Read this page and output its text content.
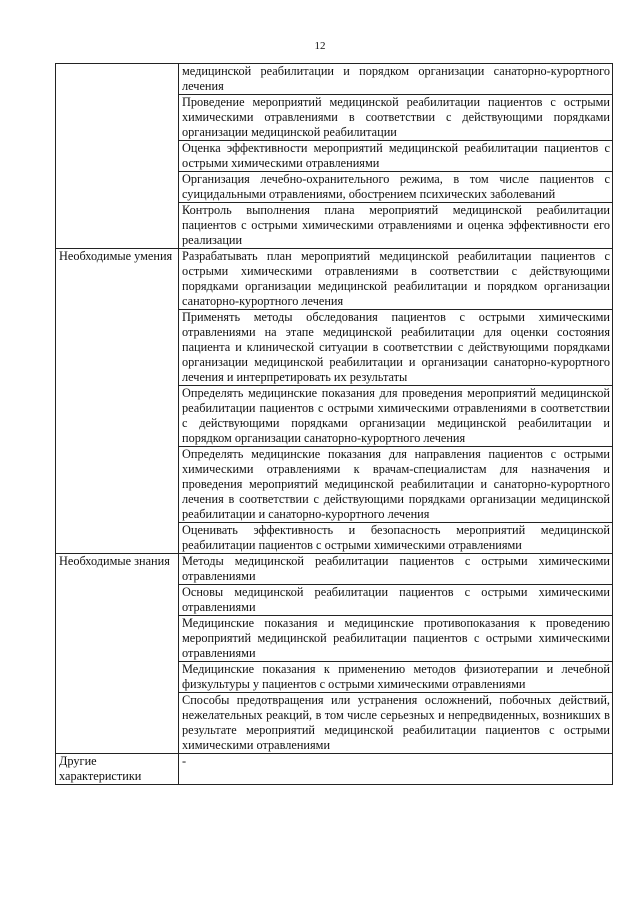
12

	медицинской реабилитации и порядком организации санаторно-курортного лечения
Проведение мероприятий медицинской реабилитации пациентов с острыми химическими отравлениями в соответствии с действующими порядками организации медицинской реабилитации
Оценка эффективности мероприятий медицинской реабилитации пациентов с острыми химическими отравлениями
Организация лечебно-охранительного режима, в том числе пациентов с суицидальными отравлениями, обострением психических заболеваний
Контроль выполнения плана мероприятий медицинской реабилитации пациентов с острыми химическими отравлениями и оценка эффективности его реализации

Необходимые умения	Разрабатывать план мероприятий медицинской реабилитации пациентов с острыми химическими отравлениями в соответствии с действующими порядками организации медицинской реабилитации и порядком организации санаторно-курортного лечения
Применять методы обследования пациентов с острыми химическими отравлениями на этапе медицинской реабилитации для оценки состояния пациента и клинической ситуации в соответствии с действующими порядками организации медицинской реабилитации и организации санаторно-курортного лечения и интерпретировать их результаты
Определять медицинские показания для проведения мероприятий медицинской реабилитации пациентов с острыми химическими отравлениями в соответствии с действующими порядками организации медицинской реабилитации и порядком организации санаторно-курортного лечения
Определять медицинские показания для направления пациентов с острыми химическими отравлениями к врачам-специалистам для назначения и проведения мероприятий медицинской реабилитации и санаторно-курортного лечения в соответствии с действующими порядками организации медицинской реабилитации и санаторно-курортного лечения
Оценивать эффективность и безопасность мероприятий медицинской реабилитации пациентов с острыми химическими отравлениями

Необходимые знания	Методы медицинской реабилитации пациентов с острыми химическими отравлениями
Основы медицинской реабилитации пациентов с острыми химическими отравлениями
Медицинские показания и медицинские противопоказания к проведению мероприятий медицинской реабилитации пациентов с острыми химическими отравлениями
Медицинские показания к применению методов физиотерапии и лечебной физкультуры у пациентов с острыми химическими отравлениями
Способы предотвращения или устранения осложнений, побочных действий, нежелательных реакций, в том числе серьезных и непредвиденных, возникших в результате мероприятий медицинской реабилитации пациентов с острыми химическими отравлениями

Другие характеристики	-
